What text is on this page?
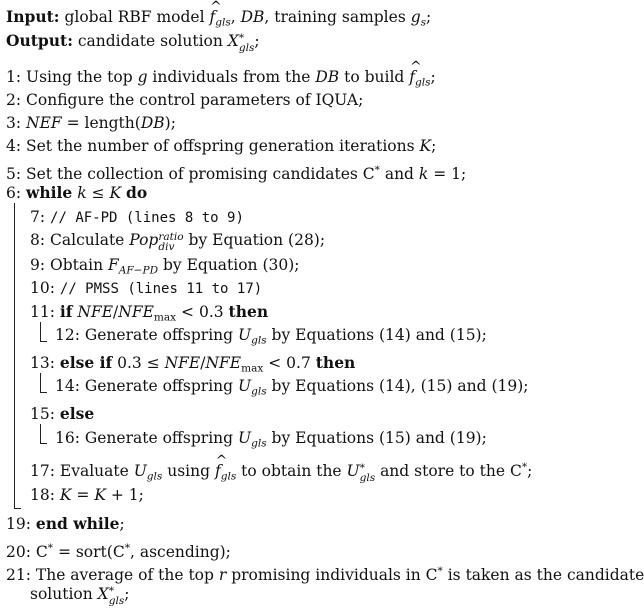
Input: global RBF model ^ $f_{gls}$, DB, training samples $g_s$;
Output: candidate solution X *
gls ;
1: Using the top g individuals from the DB to build ^ $f_{gls}$;
2: Configure the control parameters of IQUA;
3: NEF = length(DB);
4: Set the number of offspring generation iterations K;
5: Set the collection of promising candidates C* and k = 1;
6: while k ≤ K do
7: // AF-PD (lines 8 to 9)
8: Calculate Pop ratio
div by Equation (28);
9: Obtain $F_{AF-PD}$ by Equation (30);
10: // PMSS (lines 11 to 17)
11: if NFE/$NFE_{max} < 0.3$ then
12: Generate offspring $U_{gls}$ by Equations (14) and (15);
13: else if 0.3 ≤ NFE/$NFE_{max} < 0.7$ then
14: Generate offspring $U_{gls}$ by Equations (14), (15) and (19);
15: else
16: Generate offspring $U_{gls}$ by Equations (15) and (19);
17: Evaluate $U_{gls}$ using ^ $f_{gls}$ to obtain the U *
gls and store to the C*;
18: K = K + 1;
19: end while;
20: C* = sort(C*, ascending);
21: The average of the top r promising individuals in C* is taken as the candidate
solution X *
gls ;
